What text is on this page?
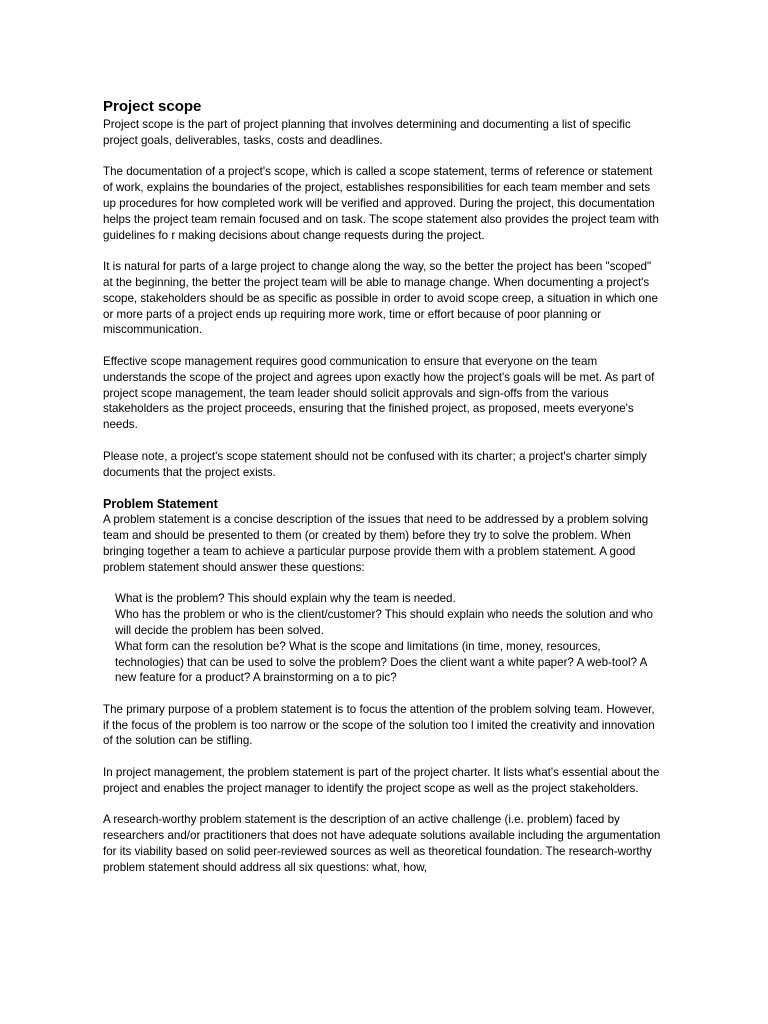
Project scope

Project scope is the part of project planning that involves determining and documenting a list of specific project goals, deliverables, tasks, costs and deadlines.

The documentation of a project's scope, which is called a scope statement, terms of reference or statement of work, explains the boundaries of the project, establishes responsibilities for each team member and sets up procedures for how completed work will be verified and approved. During the project, this documentation helps the project team remain focused and on task. The scope statement also provides the project team with guidelines fo r making decisions about change requests during the project.

It is natural for parts of a large project to change along the way, so the better the project has been "scoped" at the beginning, the better the project team will be able to manage change. When documenting a project's scope, stakeholders should be as specific as possible in order to avoid scope creep, a situation in which one or more parts of a project ends up requiring more work, time or effort because of poor planning or miscommunication.

Effective scope management requires good communication to ensure that everyone on the team understands the scope of the project and agrees upon exactly how the project's goals will be met. As part of project scope management, the team leader should solicit approvals and sign-offs from the various stakeholders as the project proceeds, ensuring that the finished project, as proposed, meets everyone's needs.

Please note, a project's scope statement should not be confused with its charter; a project's charter simply documents that the project exists.

Problem Statement

A problem statement is a concise description of the issues that need to be addressed by a problem solving team and should be presented to them (or created by them) before they try to solve the problem. When bringing together a team to achieve a particular purpose provide them with a problem statement. A good problem statement should answer these questions:

What is the problem? This should explain why the team is needed.

Who has the problem or who is the client/customer? This should explain who needs the solution and who will decide the problem has been solved.

What form can the resolution be? What is the scope and limitations (in time, money, resources, technologies) that can be used to solve the problem? Does the client want a white paper? A web-tool? A new feature for a product? A brainstorming on a to pic?

The primary purpose of a problem statement is to focus the attention of the problem solving team. However, if the focus of the problem is too narrow or the scope of the solution too l imited the creativity and innovation of the solution can be stifling.

In project management, the problem statement is part of the project charter. It lists what's essential about the project and enables the project manager to identify the project scope as well as the project stakeholders.

A research-worthy problem statement is the description of an active challenge (i.e. problem) faced by researchers and/or practitioners that does not have adequate solutions available including the argumentation for its viability based on solid peer-reviewed sources as well as theoretical foundation. The research-worthy problem statement should address all six questions: what, how,
